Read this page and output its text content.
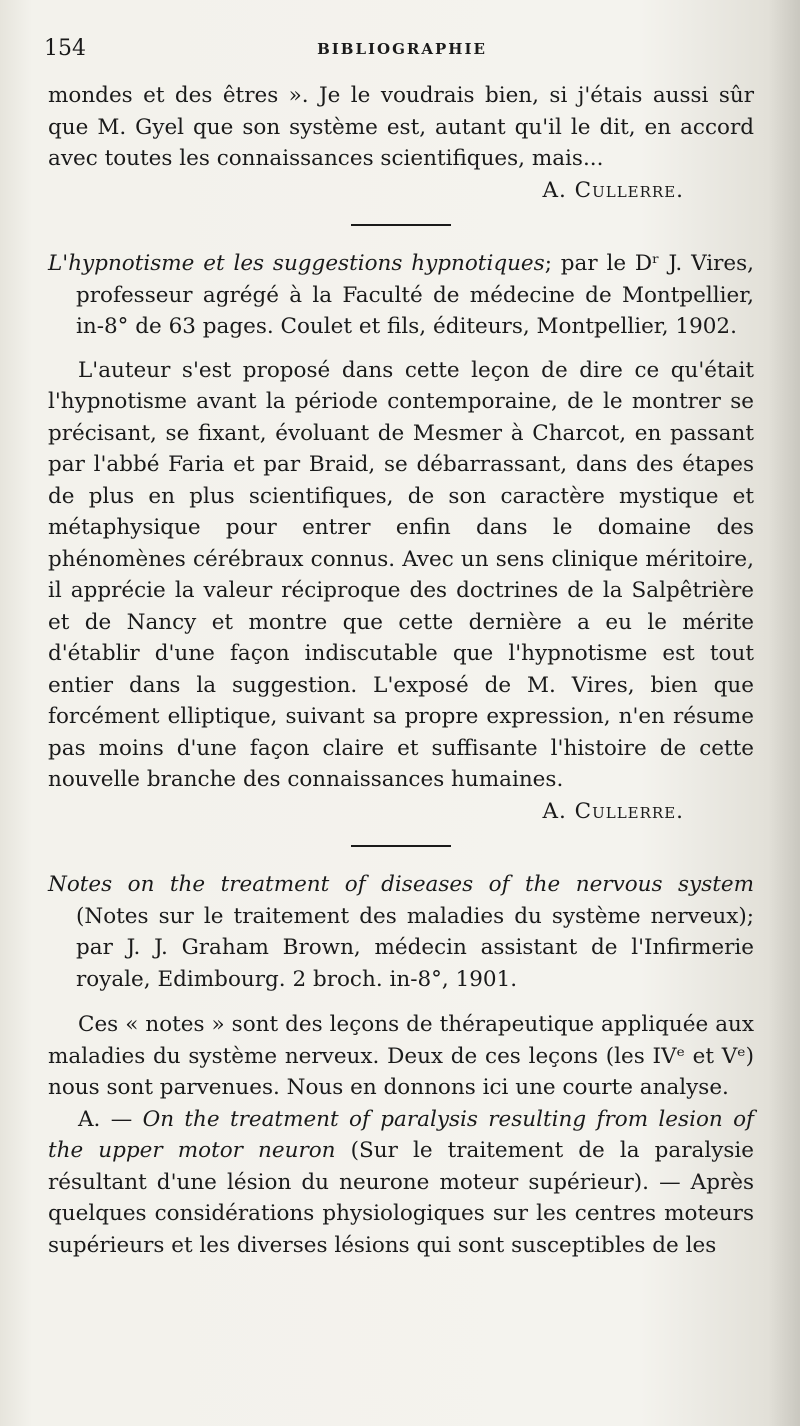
154	BIBLIOGRAPHIE

mondes et des êtres ». Je le voudrais bien, si j'étais aussi sûr que M. Gyel que son système est, autant qu'il le dit, en accord avec toutes les connaissances scientifiques, mais...

A. Cullerre.

L'hypnotisme et les suggestions hypnotiques; par le Dʳ J. Vires, professeur agrégé à la Faculté de médecine de Montpellier, in-8° de 63 pages. Coulet et fils, éditeurs, Montpellier, 1902.

L'auteur s'est proposé dans cette leçon de dire ce qu'était l'hypnotisme avant la période contemporaine, de le montrer se précisant, se fixant, évoluant de Mesmer à Charcot, en passant par l'abbé Faria et par Braid, se débarrassant, dans des étapes de plus en plus scientifiques, de son caractère mystique et métaphysique pour entrer enfin dans le domaine des phénomènes cérébraux connus. Avec un sens clinique méritoire, il apprécie la valeur réciproque des doctrines de la Salpêtrière et de Nancy et montre que cette dernière a eu le mérite d'établir d'une façon indiscutable que l'hypnotisme est tout entier dans la suggestion. L'exposé de M. Vires, bien que forcément elliptique, suivant sa propre expression, n'en résume pas moins d'une façon claire et suffisante l'histoire de cette nouvelle branche des connaissances humaines.

A. Cullerre.

Notes on the treatment of diseases of the nervous system (Notes sur le traitement des maladies du système nerveux); par J. J. Graham Brown, médecin assistant de l'Infirmerie royale, Edimbourg. 2 broch. in-8°, 1901.

Ces « notes » sont des leçons de thérapeutique appliquée aux maladies du système nerveux. Deux de ces leçons (les IVᵉ et Vᵉ) nous sont parvenues. Nous en donnons ici une courte analyse.

A. — On the treatment of paralysis resulting from lesion of the upper motor neuron (Sur le traitement de la paralysie résultant d'une lésion du neurone moteur supérieur). — Après quelques considérations physiologiques sur les centres moteurs supérieurs et les diverses lésions qui sont susceptibles de les
